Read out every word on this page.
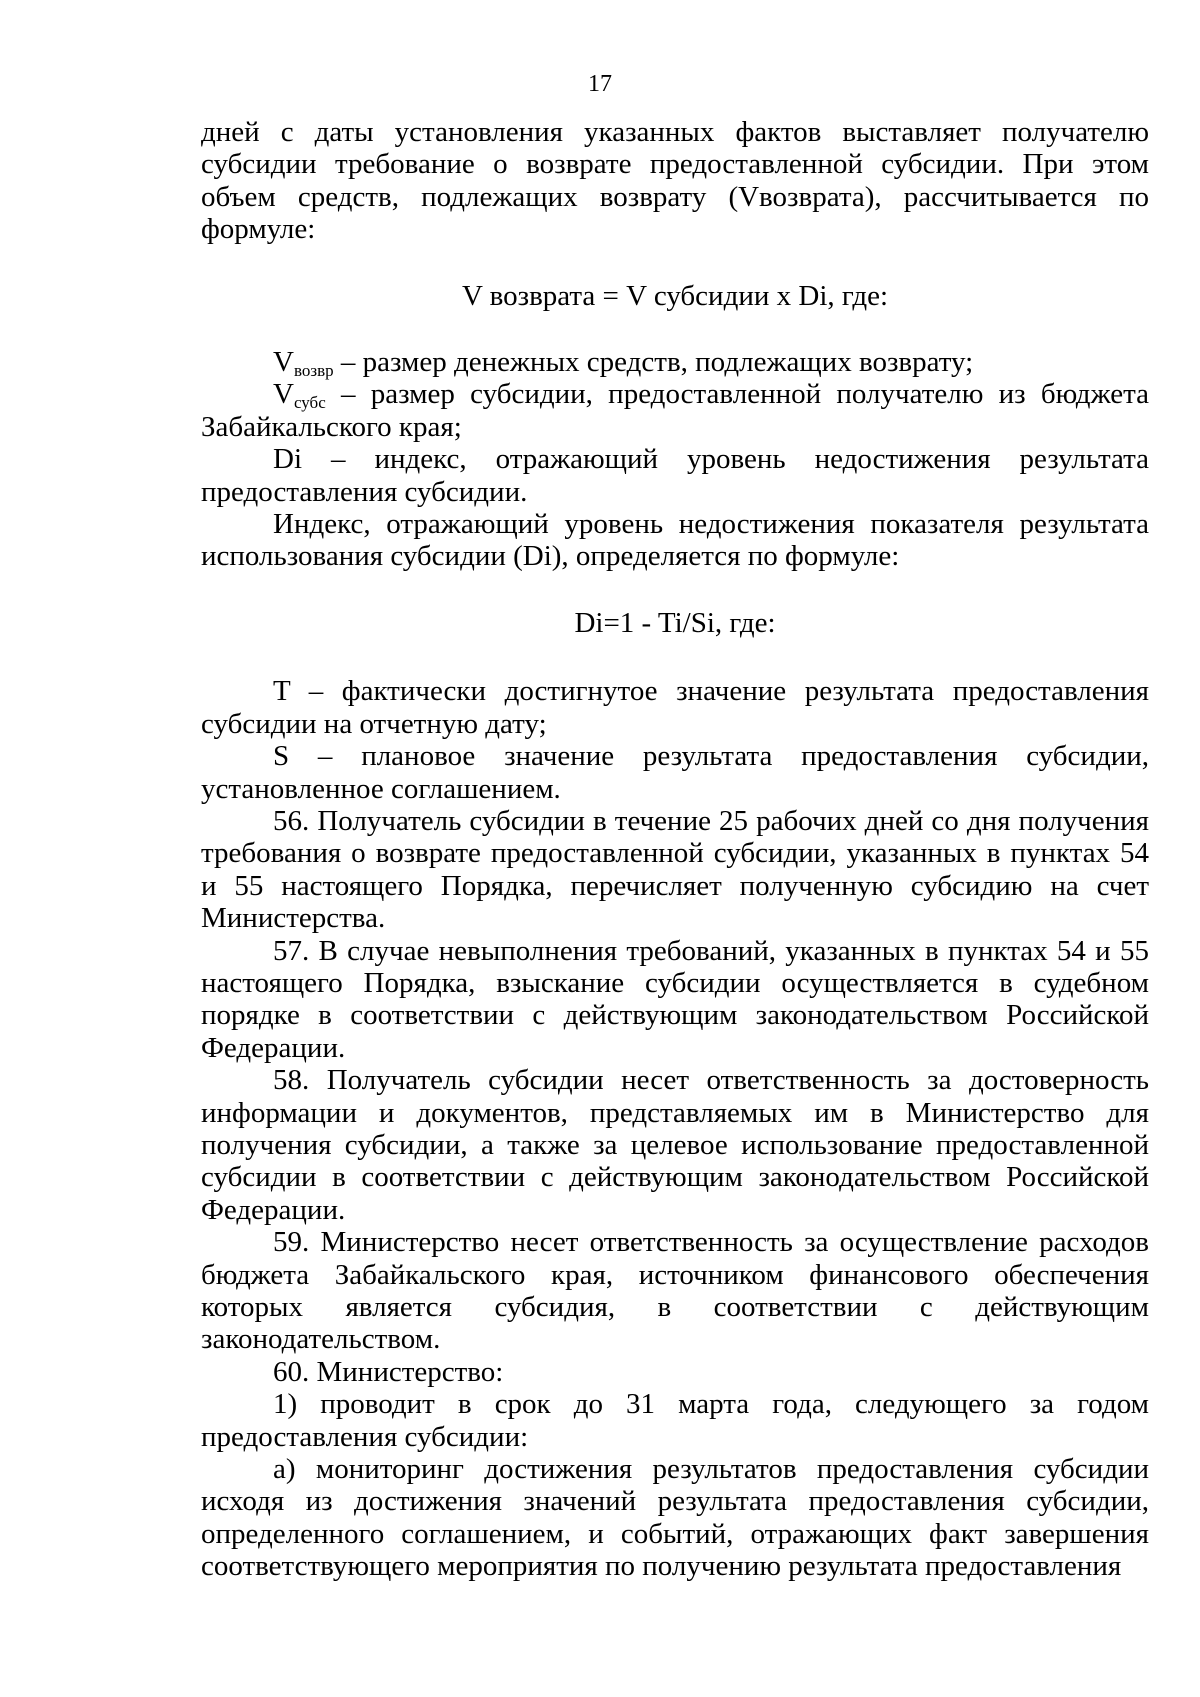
17

дней с даты установления указанных фактов выставляет получателю субсидии требование о возврате предоставленной субсидии. При этом объем средств, подлежащих возврату (Vвозврата), рассчитывается по формуле:

V возврата = V субсидии x Di, где:

$V_{возвр}$ – размер денежных средств, подлежащих возврату;

$V_{субс}$ – размер субсидии, предоставленной получателю из бюджета Забайкальского края;

Di – индекс, отражающий уровень недостижения результата предоставления субсидии.

Индекс, отражающий уровень недостижения показателя результата использования субсидии (Di), определяется по формуле:

Di=1 - Ti/Si, где:

T – фактически достигнутое значение результата предоставления субсидии на отчетную дату;

S – плановое значение результата предоставления субсидии, установленное соглашением.

56. Получатель субсидии в течение 25 рабочих дней со дня получения требования о возврате предоставленной субсидии, указанных в пунктах 54 и 55 настоящего Порядка, перечисляет полученную субсидию на счет Министерства.

57. В случае невыполнения требований, указанных в пунктах 54 и 55 настоящего Порядка, взыскание субсидии осуществляется в судебном порядке в соответствии с действующим законодательством Российской Федерации.

58. Получатель субсидии несет ответственность за достоверность информации и документов, представляемых им в Министерство для получения субсидии, а также за целевое использование предоставленной субсидии в соответствии с действующим законодательством Российской Федерации.

59. Министерство несет ответственность за осуществление расходов бюджета Забайкальского края, источником финансового обеспечения которых является субсидия, в соответствии с действующим законодательством.

60. Министерство:

1) проводит в срок до 31 марта года, следующего за годом предоставления субсидии:

а) мониторинг достижения результатов предоставления субсидии исходя из достижения значений результата предоставления субсидии, определенного соглашением, и событий, отражающих факт завершения соответствующего мероприятия по получению результата предоставления
